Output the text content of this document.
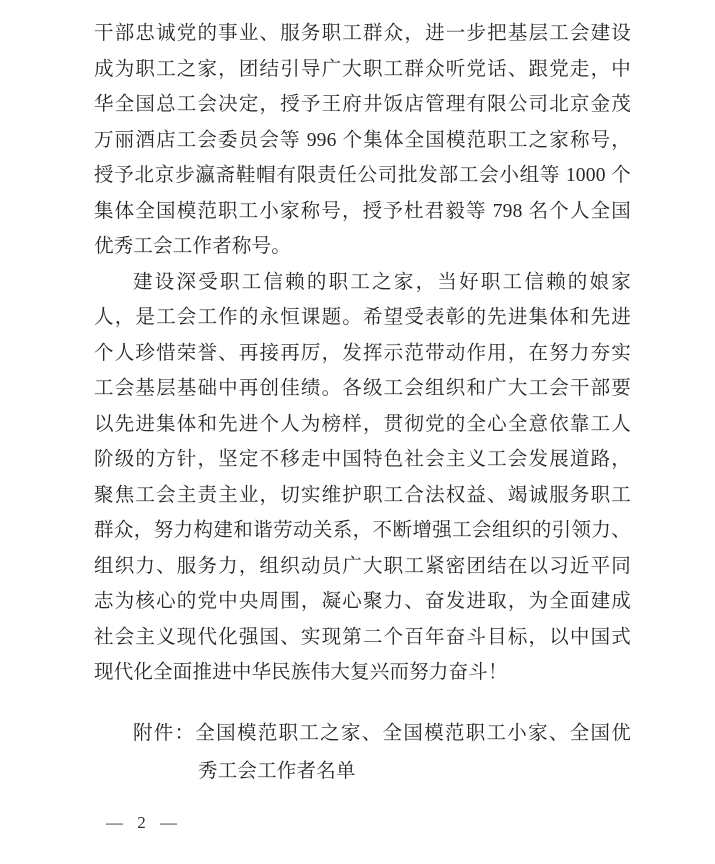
干部忠诚党的事业、服务职工群众，进一步把基层工会建设
成为职工之家，团结引导广大职工群众听党话、跟党走，中
华全国总工会决定，授予王府井饭店管理有限公司北京金茂
万丽酒店工会委员会等 996 个集体全国模范职工之家称号，
授予北京步瀛斋鞋帽有限责任公司批发部工会小组等 1000 个
集体全国模范职工小家称号，授予杜君毅等 798 名个人全国
优秀工会工作者称号。
建设深受职工信赖的职工之家，当好职工信赖的娘家
人，是工会工作的永恒课题。希望受表彰的先进集体和先进
个人珍惜荣誉、再接再厉，发挥示范带动作用，在努力夯实
工会基层基础中再创佳绩。各级工会组织和广大工会干部要
以先进集体和先进个人为榜样，贯彻党的全心全意依靠工人
阶级的方针，坚定不移走中国特色社会主义工会发展道路，
聚焦工会主责主业，切实维护职工合法权益、竭诚服务职工
群众，努力构建和谐劳动关系，不断增强工会组织的引领力、
组织力、服务力，组织动员广大职工紧密团结在以习近平同
志为核心的党中央周围，凝心聚力、奋发进取，为全面建成
社会主义现代化强国、实现第二个百年奋斗目标，以中国式
现代化全面推进中华民族伟大复兴而努力奋斗！
附件：全国模范职工之家、全国模范职工小家、全国优
秀工会工作者名单
— 2 —
